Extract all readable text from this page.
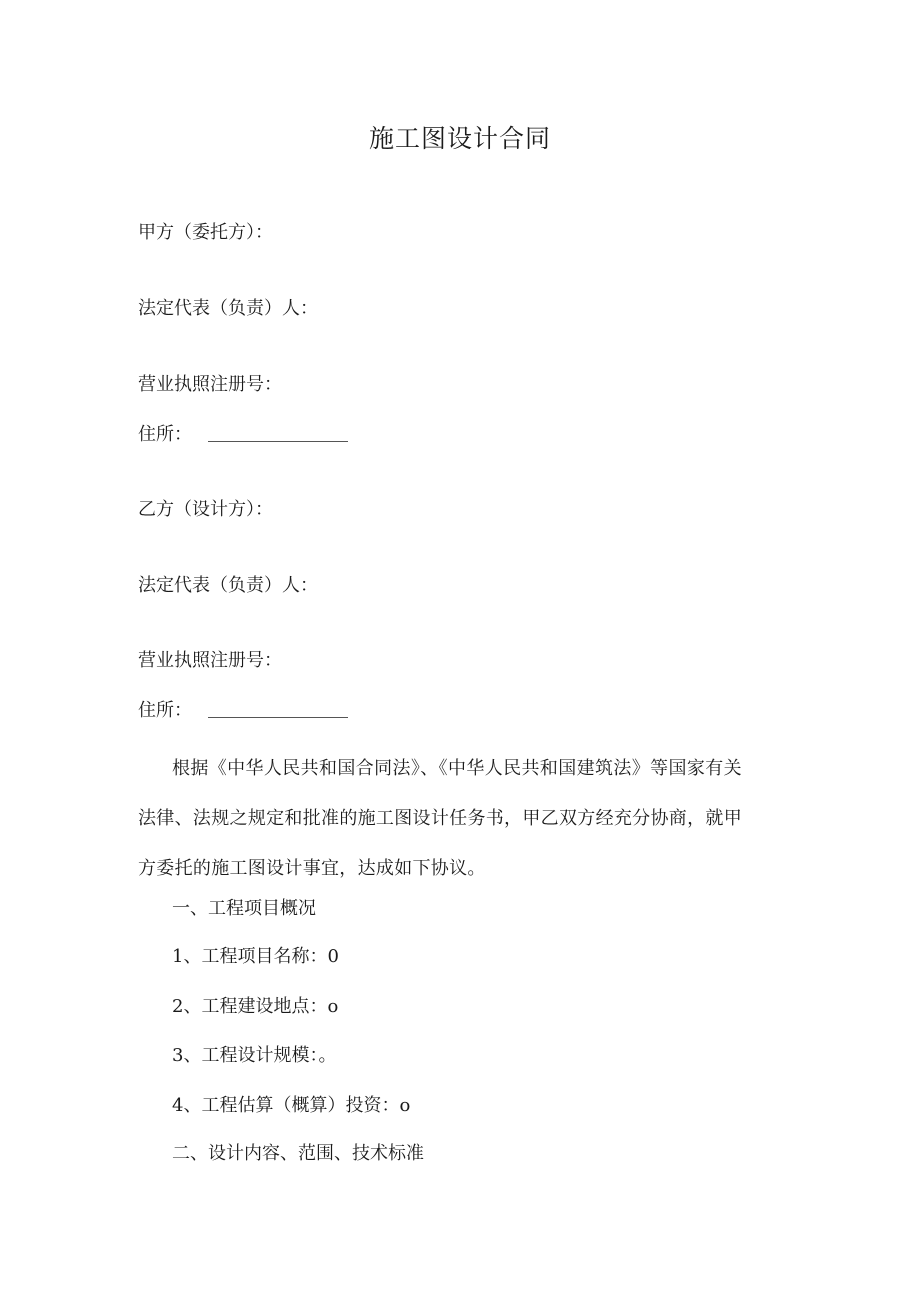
施工图设计合同
甲方（委托方）：
法定代表（负责）人：
营业执照注册号：
住所：
乙方（设计方）：
法定代表（负责）人：
营业执照注册号：
住所：
根据《中华人民共和国合同法》、《中华人民共和国建筑法》等国家有关法律、法规之规定和批准的施工图设计任务书，甲乙双方经充分协商，就甲方委托的施工图设计事宜，达成如下协议。
一、工程项目概况
1、工程项目名称：0
2、工程建设地点：o
3、工程设计规模：。
4、工程估算（概算）投资：o
二、设计内容、范围、技术标准
